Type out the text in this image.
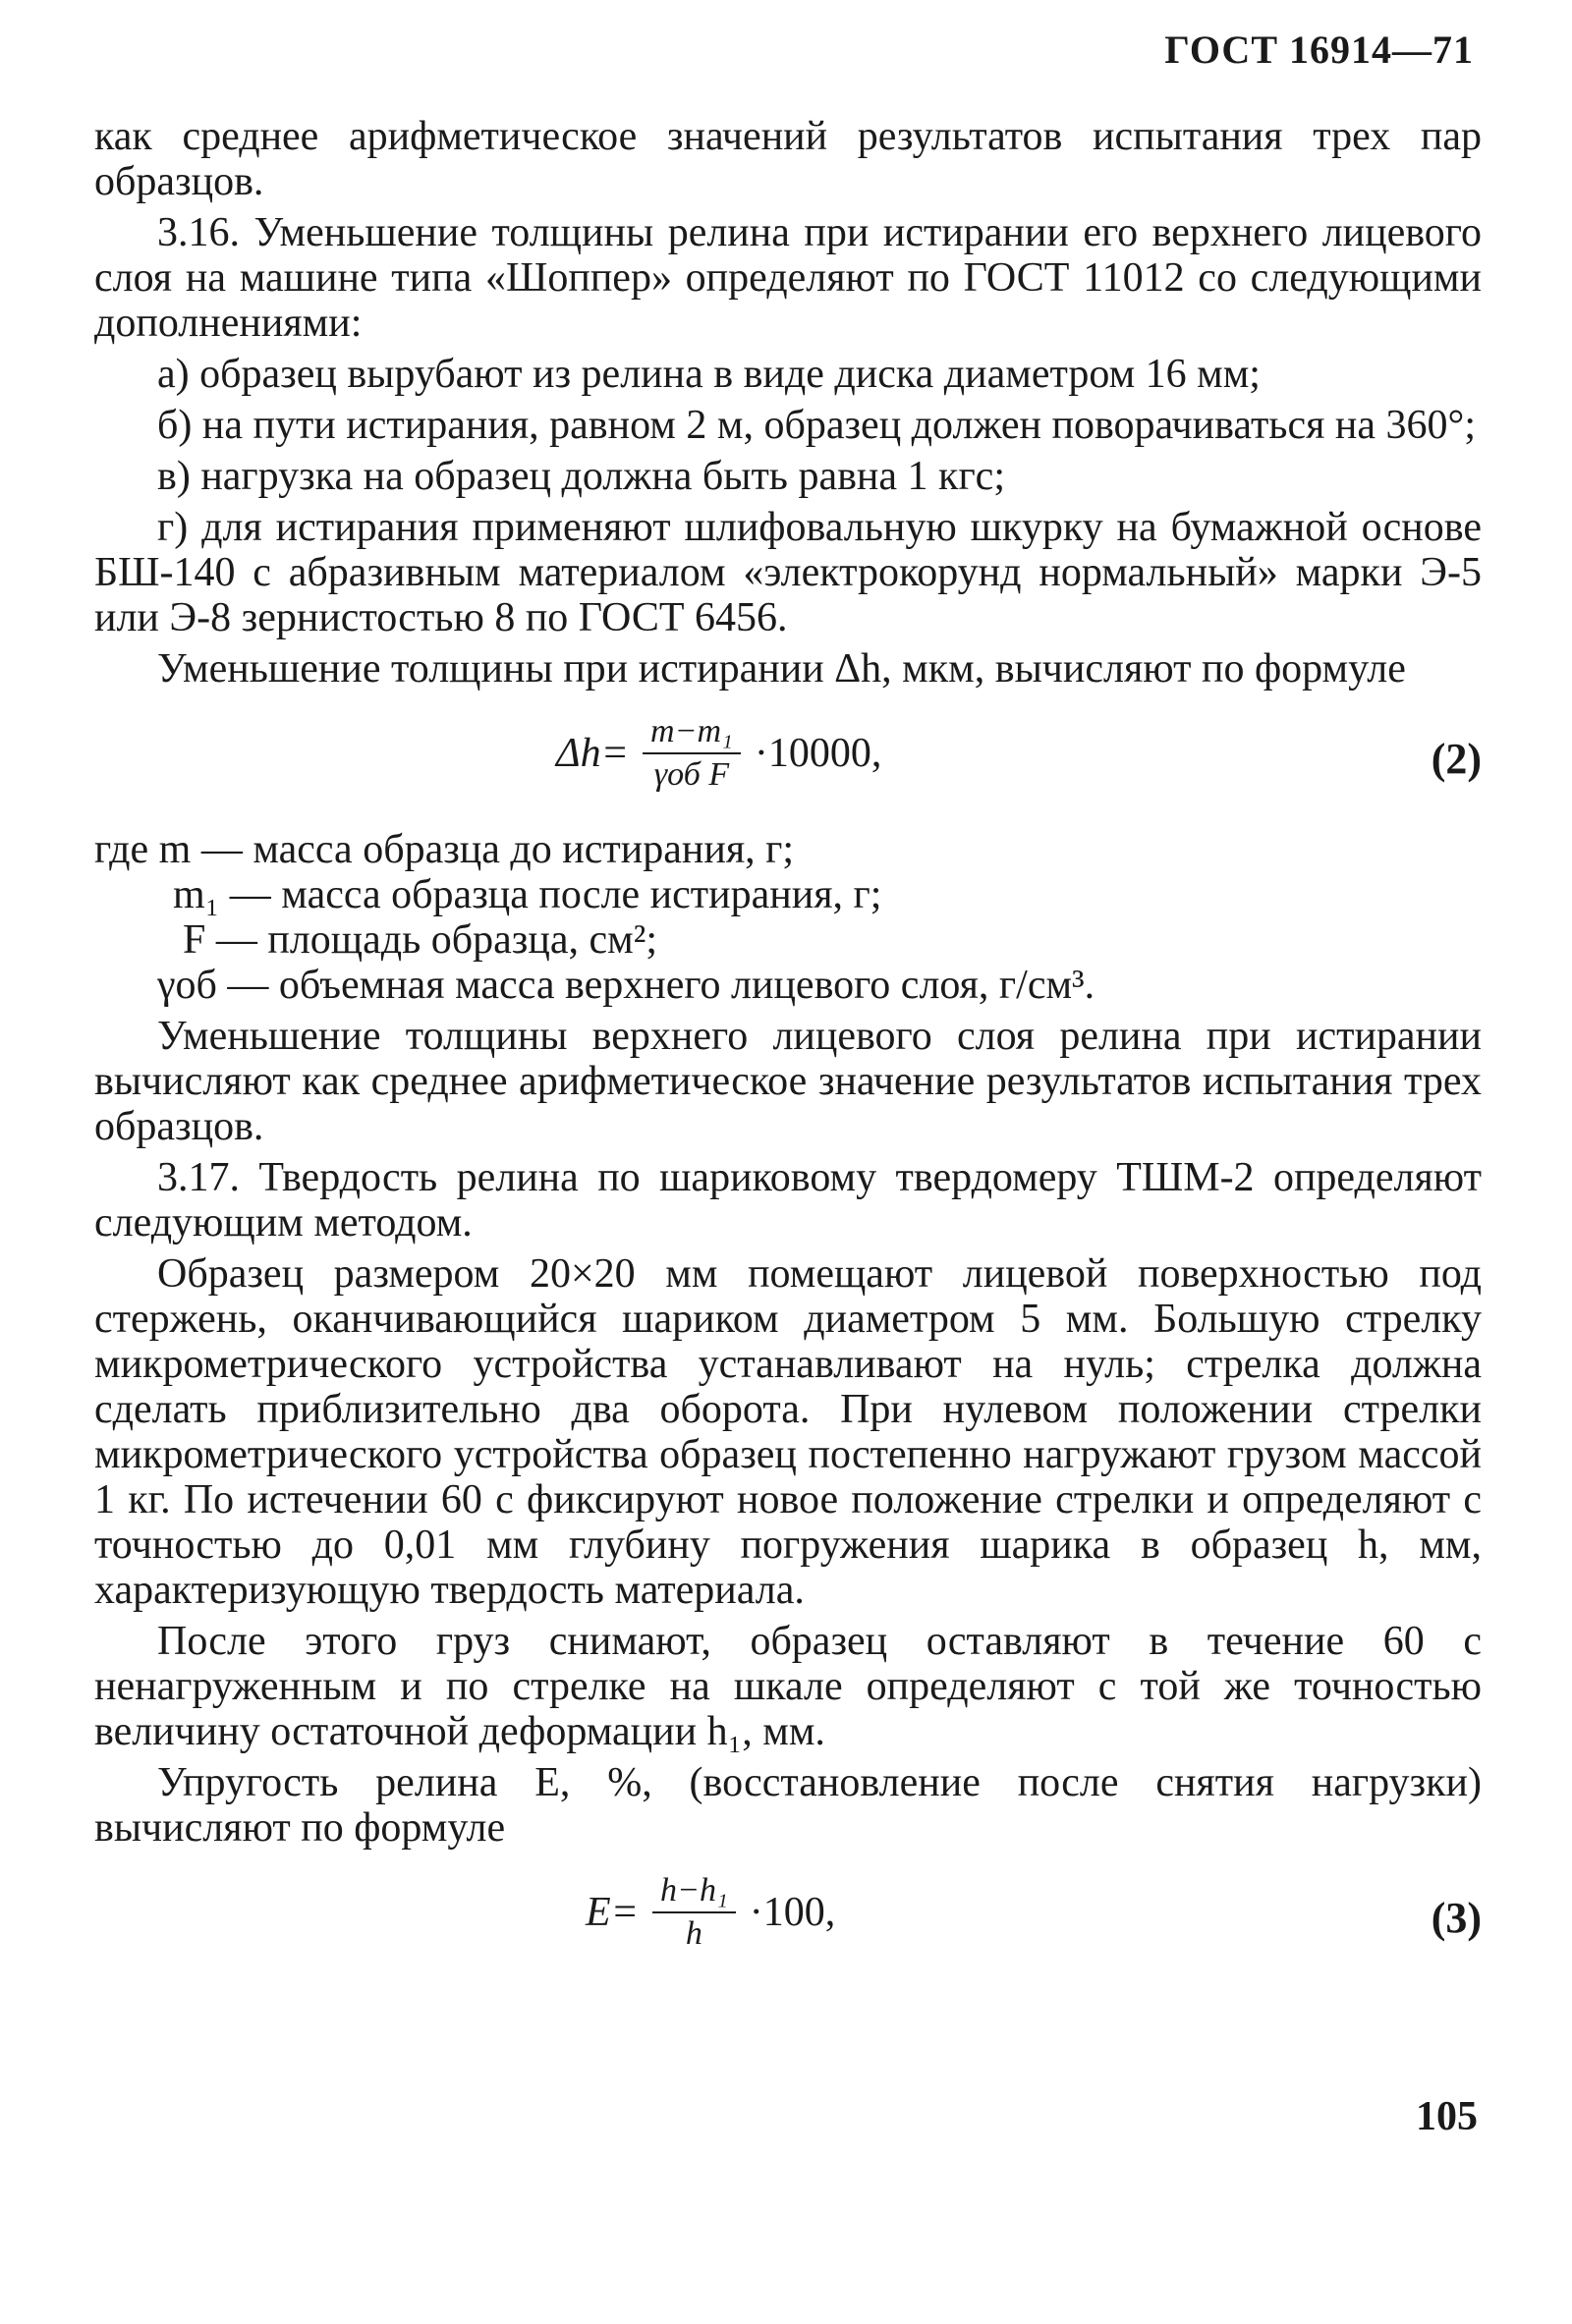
ГОСТ 16914—71

как среднее арифметическое значений результатов испытания трех пар образцов.

3.16. Уменьшение толщины релина при истирании его верхнего лицевого слоя на машине типа «Шоппер» определяют по ГОСТ 11012 со следующими дополнениями:

а) образец вырубают из релина в виде диска диаметром 16 мм;

б) на пути истирания, равном 2 м, образец должен поворачиваться на 360°;

в) нагрузка на образец должна быть равна 1 кгс;

г) для истирания применяют шлифовальную шкурку на бумажной основе БШ-140 с абразивным материалом «электрокорунд нормальный» марки Э-5 или Э-8 зернистостью 8 по ГОСТ 6456.

Уменьшение толщины при истирании Δh, мкм, вычисляют по формуле

$\Delta h= \frac{\text{m−m₁}}{\text{γоб F}} \cdot 10000$,	(2)

где m — масса образца до истирания, г;

m₁ — масса образца после истирания, г;

F — площадь образца, см²;

γоб — объемная масса верхнего лицевого слоя, г/см³.

Уменьшение толщины верхнего лицевого слоя релина при истирании вычисляют как среднее арифметическое значение результатов испытания трех образцов.

3.17. Твердость релина по шариковому твердомеру ТШМ-2 определяют следующим методом.

Образец размером 20×20 мм помещают лицевой поверхностью под стержень, оканчивающийся шариком диаметром 5 мм. Большую стрелку микрометрического устройства устанавливают на нуль; стрелка должна сделать приблизительно два оборота. При нулевом положении стрелки микрометрического устройства образец постепенно нагружают грузом массой 1 кг. По истечении 60 с фиксируют новое положение стрелки и определяют с точностью до 0,01 мм глубину погружения шарика в образец h, мм, характеризующую твердость материала.

После этого груз снимают, образец оставляют в течение 60 с ненагруженным и по стрелке на шкале определяют с той же точностью величину остаточной деформации h₁, мм.

Упругость релина E, %, (восстановление после снятия нагрузки) вычисляют по формуле

$E= \frac{\text{h−h₁}}{h} \cdot 100$,	(3)
105
